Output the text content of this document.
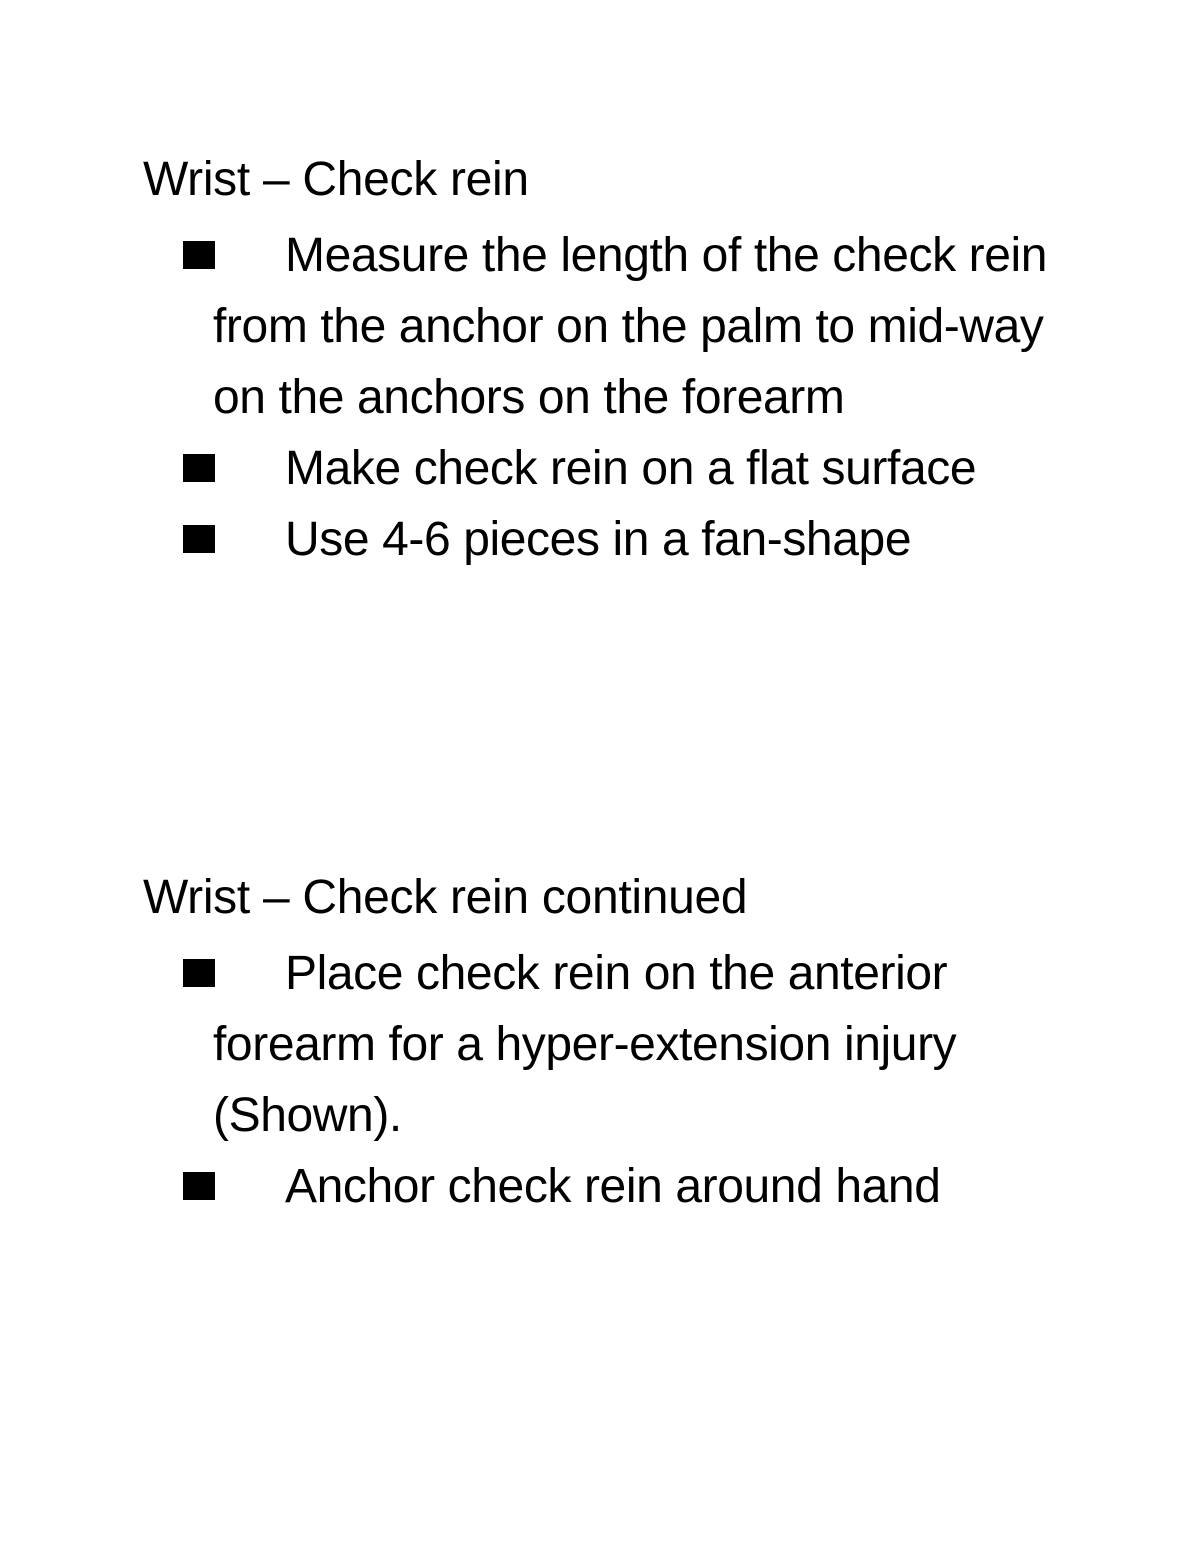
Wrist – Check rein
Measure the length of the check rein from the anchor on the palm to mid-way on the anchors on the forearm
Make check rein on a flat surface
Use 4-6 pieces in a fan-shape
Wrist – Check rein continued
Place check rein on the anterior forearm for a hyper-extension injury (Shown).
Anchor check rein around hand
